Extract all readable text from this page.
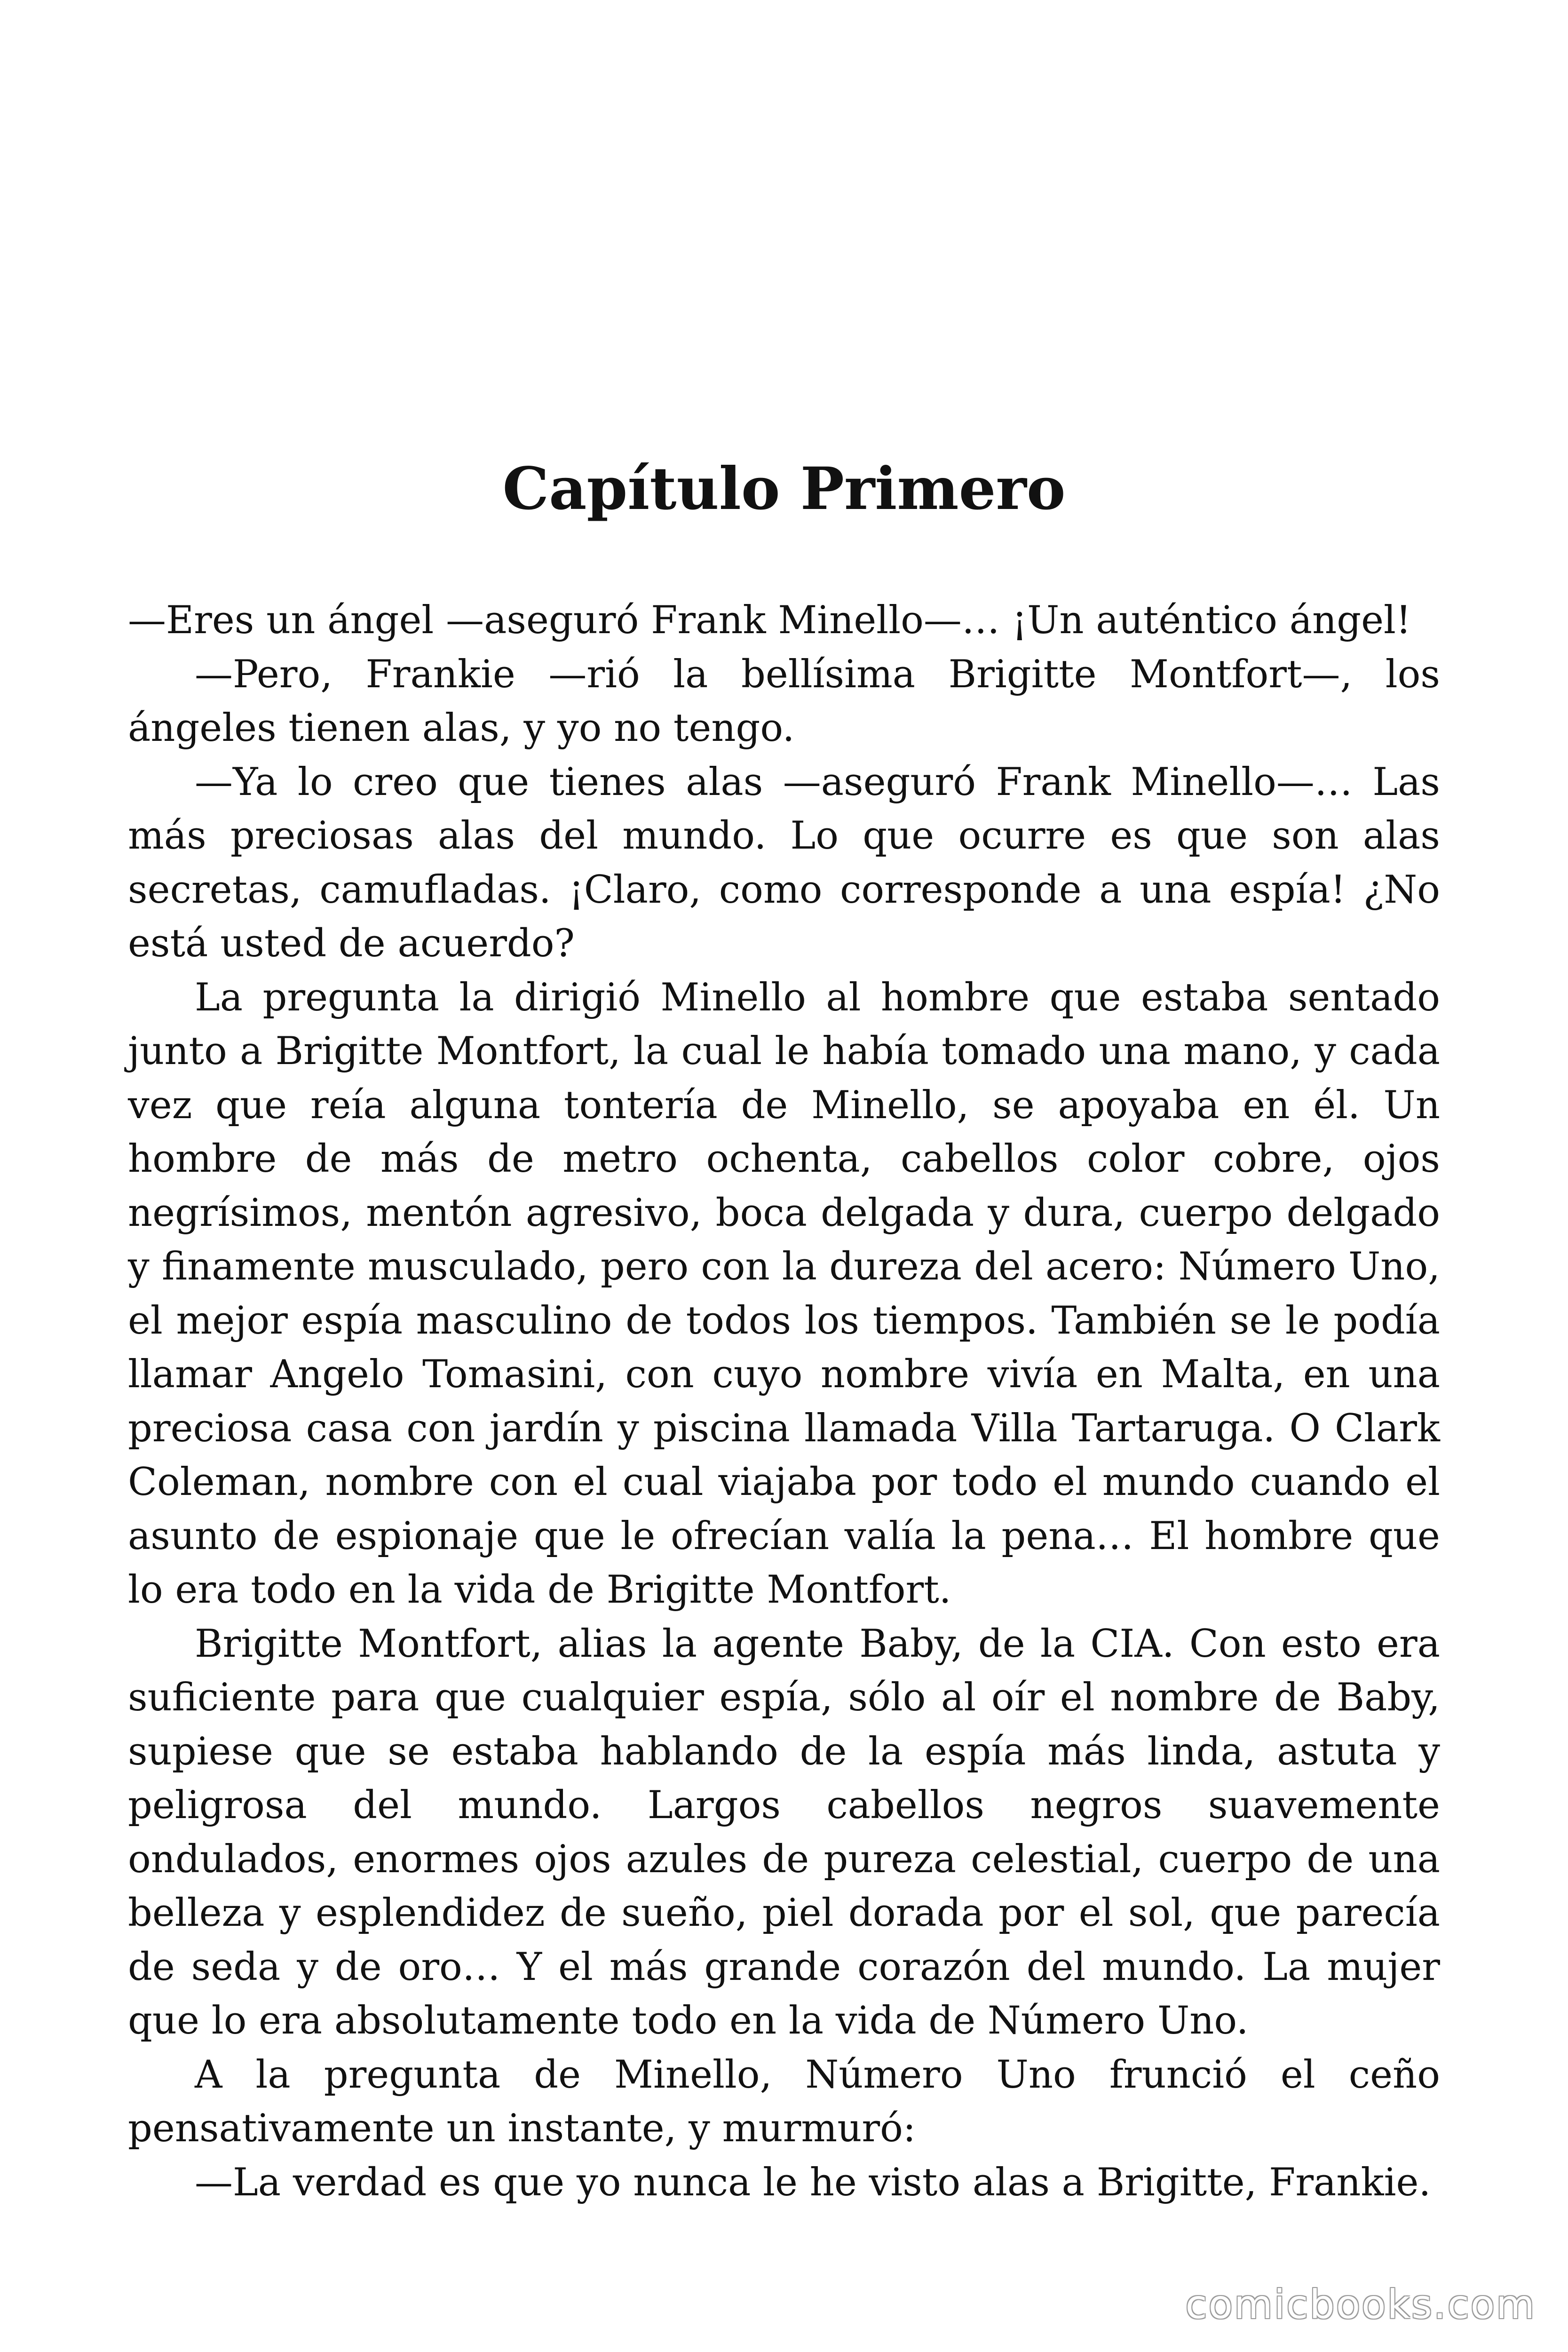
Capítulo Primero

—Eres un ángel —aseguró Frank Minello—… ¡Un auténtico ángel!

—Pero, Frankie —rió la bellísima Brigitte Montfort—, los ángeles tienen alas, y yo no tengo.

—Ya lo creo que tienes alas —aseguró Frank Minello—… Las más preciosas alas del mundo. Lo que ocurre es que son alas secretas, camufladas. ¡Claro, como corresponde a una espía! ¿No está usted de acuerdo?

La pregunta la dirigió Minello al hombre que estaba sentado junto a Brigitte Montfort, la cual le había tomado una mano, y cada vez que reía alguna tontería de Minello, se apoyaba en él. Un hombre de más de metro ochenta, cabellos color cobre, ojos negrísimos, mentón agresivo, boca delgada y dura, cuerpo delgado y finamente musculado, pero con la dureza del acero: Número Uno, el mejor espía masculino de todos los tiempos. También se le podía llamar Angelo Tomasini, con cuyo nombre vivía en Malta, en una preciosa casa con jardín y piscina llamada Villa Tartaruga. O Clark Coleman, nombre con el cual viajaba por todo el mundo cuando el asunto de espionaje que le ofrecían valía la pena… El hombre que lo era todo en la vida de Brigitte Montfort.

Brigitte Montfort, alias la agente Baby, de la CIA. Con esto era suficiente para que cualquier espía, sólo al oír el nombre de Baby, supiese que se estaba hablando de la espía más linda, astuta y peligrosa del mundo. Largos cabellos negros suavemente ondulados, enormes ojos azules de pureza celestial, cuerpo de una belleza y esplendidez de sueño, piel dorada por el sol, que parecía de seda y de oro… Y el más grande corazón del mundo. La mujer que lo era absolutamente todo en la vida de Número Uno.

A la pregunta de Minello, Número Uno frunció el ceño pensativamente un instante, y murmuró:

—La verdad es que yo nunca le he visto alas a Brigitte, Frankie.

comicbooks.com
